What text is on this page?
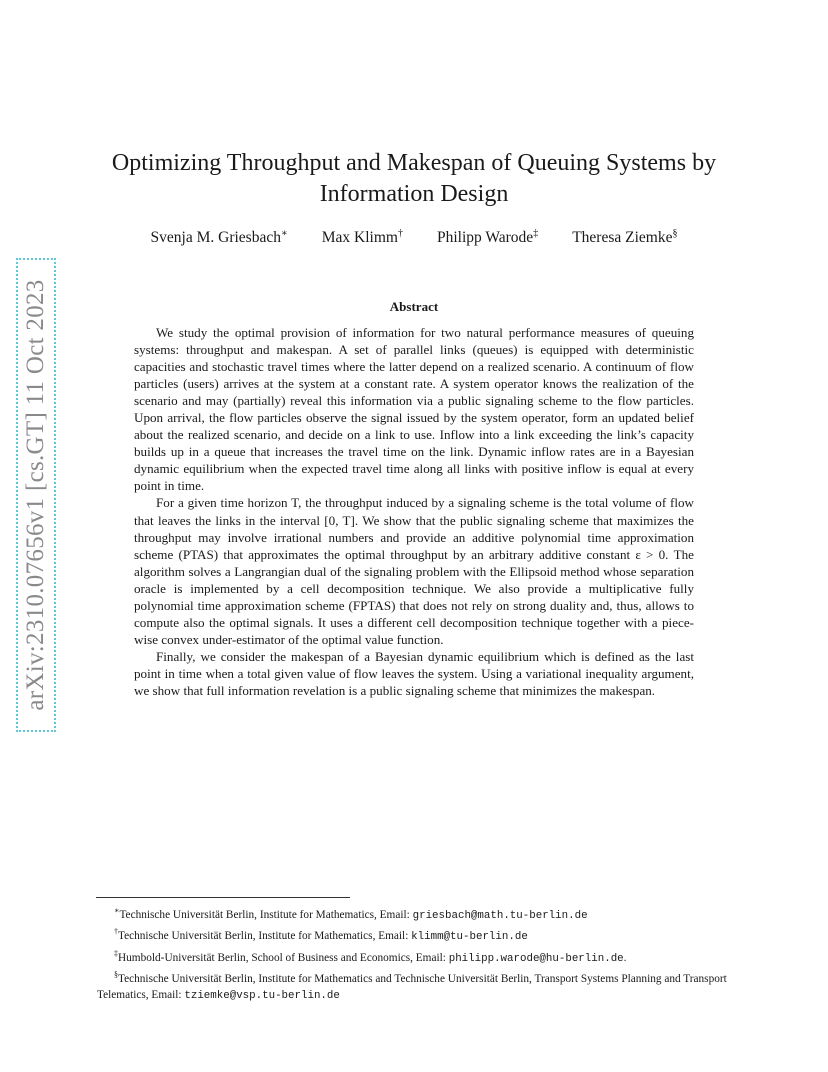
arXiv:2310.07656v1 [cs.GT] 11 Oct 2023
Optimizing Throughput and Makespan of Queuing Systems by Information Design
Svenja M. Griesbach∗ Max Klimm† Philipp Warode‡ Theresa Ziemke§
Abstract

We study the optimal provision of information for two natural performance measures of queuing systems: throughput and makespan. A set of parallel links (queues) is equipped with deterministic capacities and stochastic travel times where the latter depend on a realized scenario. A continuum of flow particles (users) arrives at the system at a constant rate. A system operator knows the realization of the scenario and may (partially) reveal this information via a public signaling scheme to the flow particles. Upon arrival, the flow particles observe the signal issued by the system operator, form an updated belief about the realized scenario, and decide on a link to use. Inflow into a link exceeding the link’s capacity builds up in a queue that increases the travel time on the link. Dynamic inflow rates are in a Bayesian dynamic equilibrium when the expected travel time along all links with positive inflow is equal at every point in time.

For a given time horizon T, the throughput induced by a signaling scheme is the total volume of flow that leaves the links in the interval [0, T]. We show that the public signaling scheme that maximizes the throughput may involve irrational numbers and provide an additive polynomial time approximation scheme (PTAS) that approximates the optimal throughput by an arbitrary additive constant ε > 0. The algorithm solves a Langrangian dual of the signaling problem with the Ellipsoid method whose separation oracle is implemented by a cell decomposition technique. We also provide a multiplicative fully polynomial time approximation scheme (FPTAS) that does not rely on strong duality and, thus, allows to compute also the optimal signals. It uses a different cell decomposition technique together with a piece-wise convex under-estimator of the optimal value function.

Finally, we consider the makespan of a Bayesian dynamic equilibrium which is defined as the last point in time when a total given value of flow leaves the system. Using a variational inequality argument, we show that full information revelation is a public signaling scheme that minimizes the makespan.

∗Technische Universität Berlin, Institute for Mathematics, Email: griesbach@math.tu-berlin.de
†Technische Universität Berlin, Institute for Mathematics, Email: klimm@tu-berlin.de
‡Humbold-Universität Berlin, School of Business and Economics, Email: philipp.warode@hu-berlin.de.
§Technische Universität Berlin, Institute for Mathematics and Technische Universität Berlin, Transport Systems Planning and Transport Telematics, Email: tziemke@vsp.tu-berlin.de
